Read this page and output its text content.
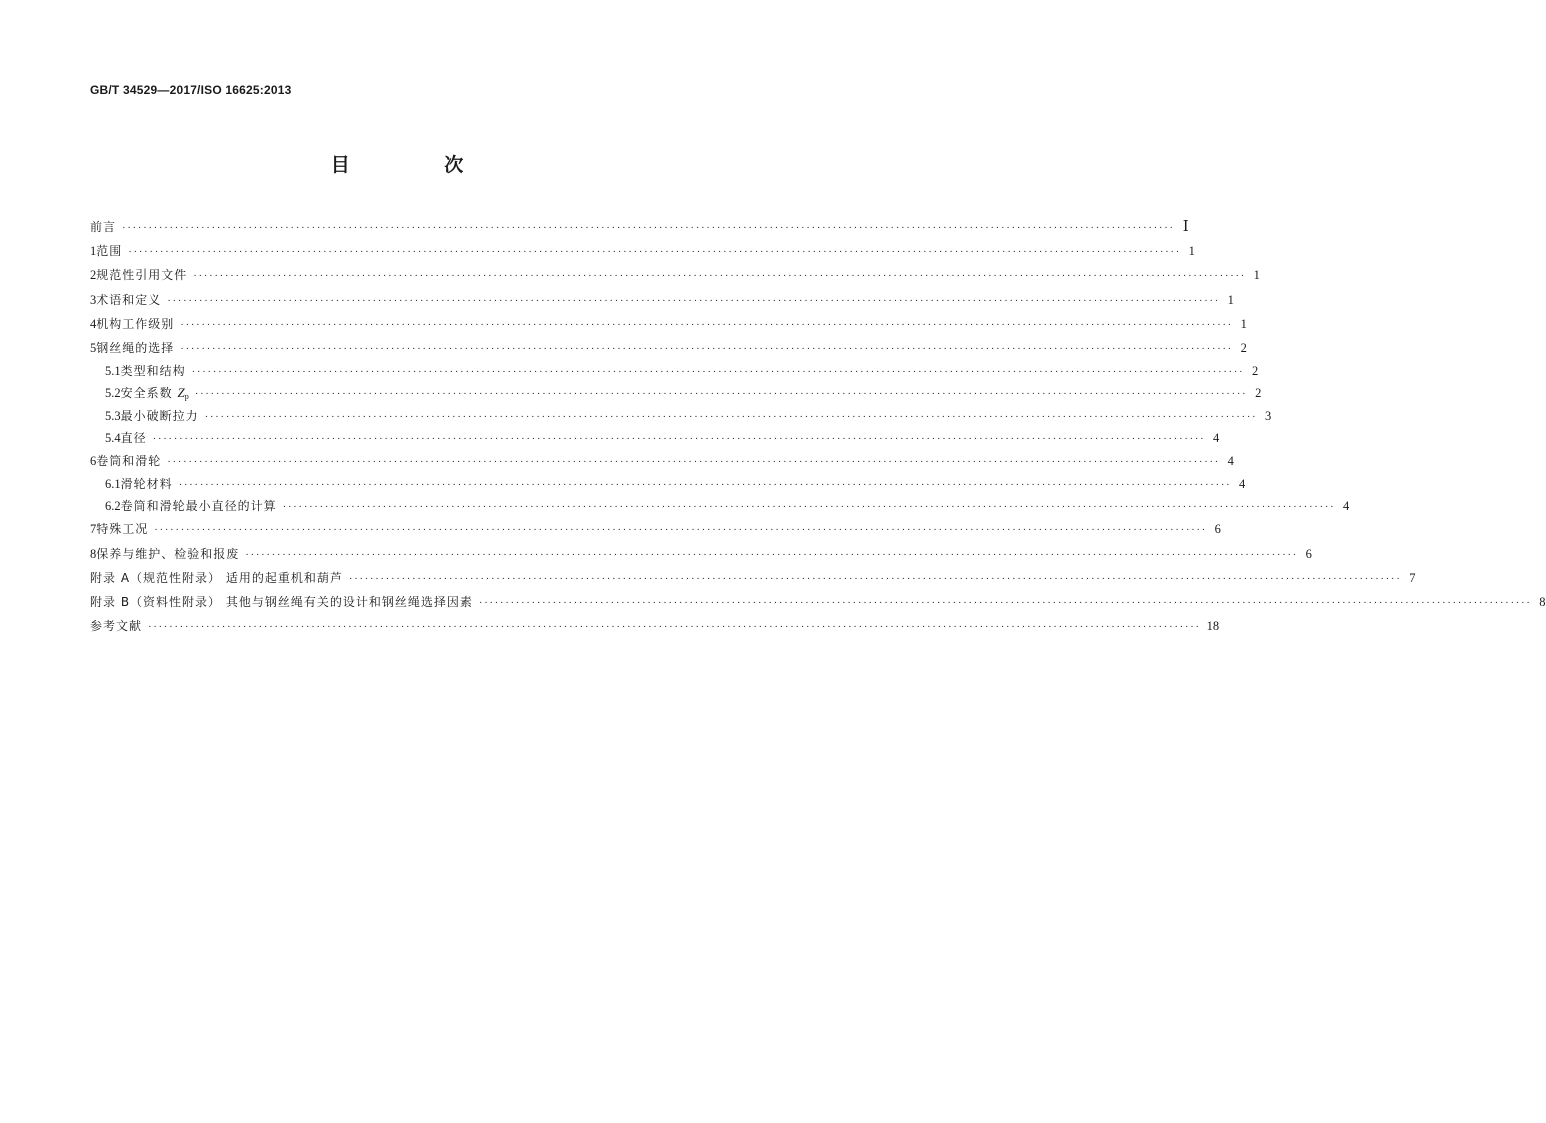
GB/T 34529—2017/ISO 16625:2013
目 次
前言 ········································································································································································································ Ⅰ
1 范围 ········································································································································································································ 1
2 规范性引用文件 ········································································································································································································ 1
3 术语和定义 ········································································································································································································ 1
4 机构工作级别 ········································································································································································································ 1
5 钢丝绳的选择 ········································································································································································································ 2
5.1 类型和结构 ········································································································································································································ 2
5.2 安全系数 $Z_p$ ········································································································································································································ 2
5.3 最小破断拉力 ········································································································································································································ 3
5.4 直径 ········································································································································································································ 4
6 卷筒和滑轮 ········································································································································································································ 4
6.1 滑轮材料 ········································································································································································································ 4
6.2 卷筒和滑轮最小直径的计算 ········································································································································································································ 4
7 特殊工况 ········································································································································································································ 6
8 保养与维护、检验和报废 ········································································································································································································ 6
附录 A（规范性附录） 适用的起重机和葫芦 ········································································································································································································ 7
附录 B（资料性附录） 其他与钢丝绳有关的设计和钢丝绳选择因素 ········································································································································································································ 8
参考文献 ········································································································································································································ 18
